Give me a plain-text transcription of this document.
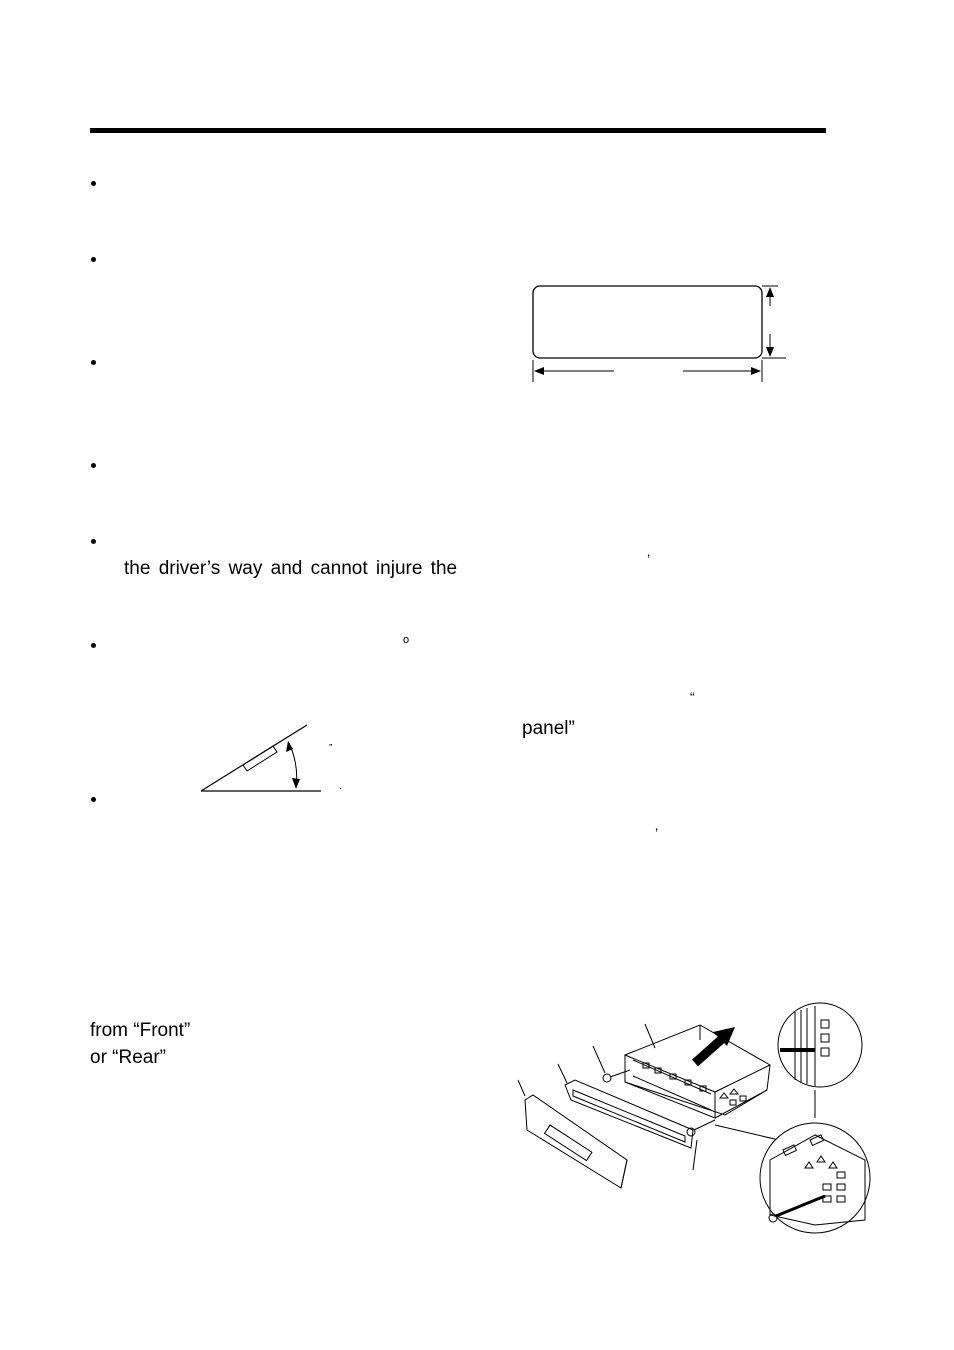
the driver’s way and cannot injure the
panel”
from “Front”
or “Rear”
o
’
“
’
”
.
